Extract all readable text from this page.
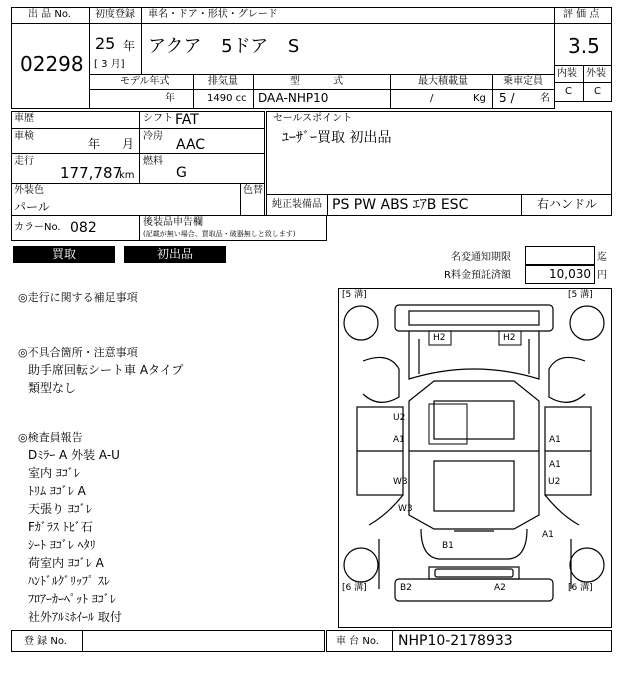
出 品 No.
02298
初度登録
25 年
[ 3 月]
車名・ドア・形状・グレード
アクア 5ドア S
評 価 点
3.5
内装 外装
C C
モデル年式
年
排気量
1490 cc
型 式
DAA-NHP10
最大積載量
/	Kg
乗車定員
5 /	名
車歴	シフト FAT
車検
年 月
冷房
AAC
走行
177,787
km
燃料
G
セールスポイント
ﾕｰｻﾞｰ買取 初出品
外装色
パール
色替
純正装備品 PS PW ABS ｴｱB ESC	右ハンドル
カラーNo. 082	後装品申告欄
(記載が無い場合、買取品・破器無しと致します)
買取	初出品	名変通知期限	迄
R料金預託済額	10,030 円
◎走行に関する補足事項
◎不具合箇所・注意事項
助手席回転シート車 Aタイプ
類型なし
◎検査員報告
Dﾐﾗｰ A 外装 A-U
室内 ﾖｺﾞﾚ
ﾄﾘﾑ ﾖｺﾞﾚ A
天張り ﾖｺﾞﾚ
Fｶﾞﾗｽ ﾄﾋﾞ石
ｼｰﾄ ﾖｺﾞﾚ ﾍﾀﾘ
荷室内 ﾖｺﾞﾚ A
ﾊﾝﾄﾞﾙｸﾞﾘｯﾌﾟ ｽﾚ
ﾌﾛｱｰｶｰﾍﾟｯﾄ ﾖｺﾞﾚ
社外ｱﾙﾐﾎｲｰﾙ 取付
[5 溝]	[5 溝]
[6 溝]	[6 溝]
H2	H2
U2
A1	A1
A1
U2
W3
W3
B1
A1
B2	A2
登 録 No.	車 台 No. NHP10-2178933
